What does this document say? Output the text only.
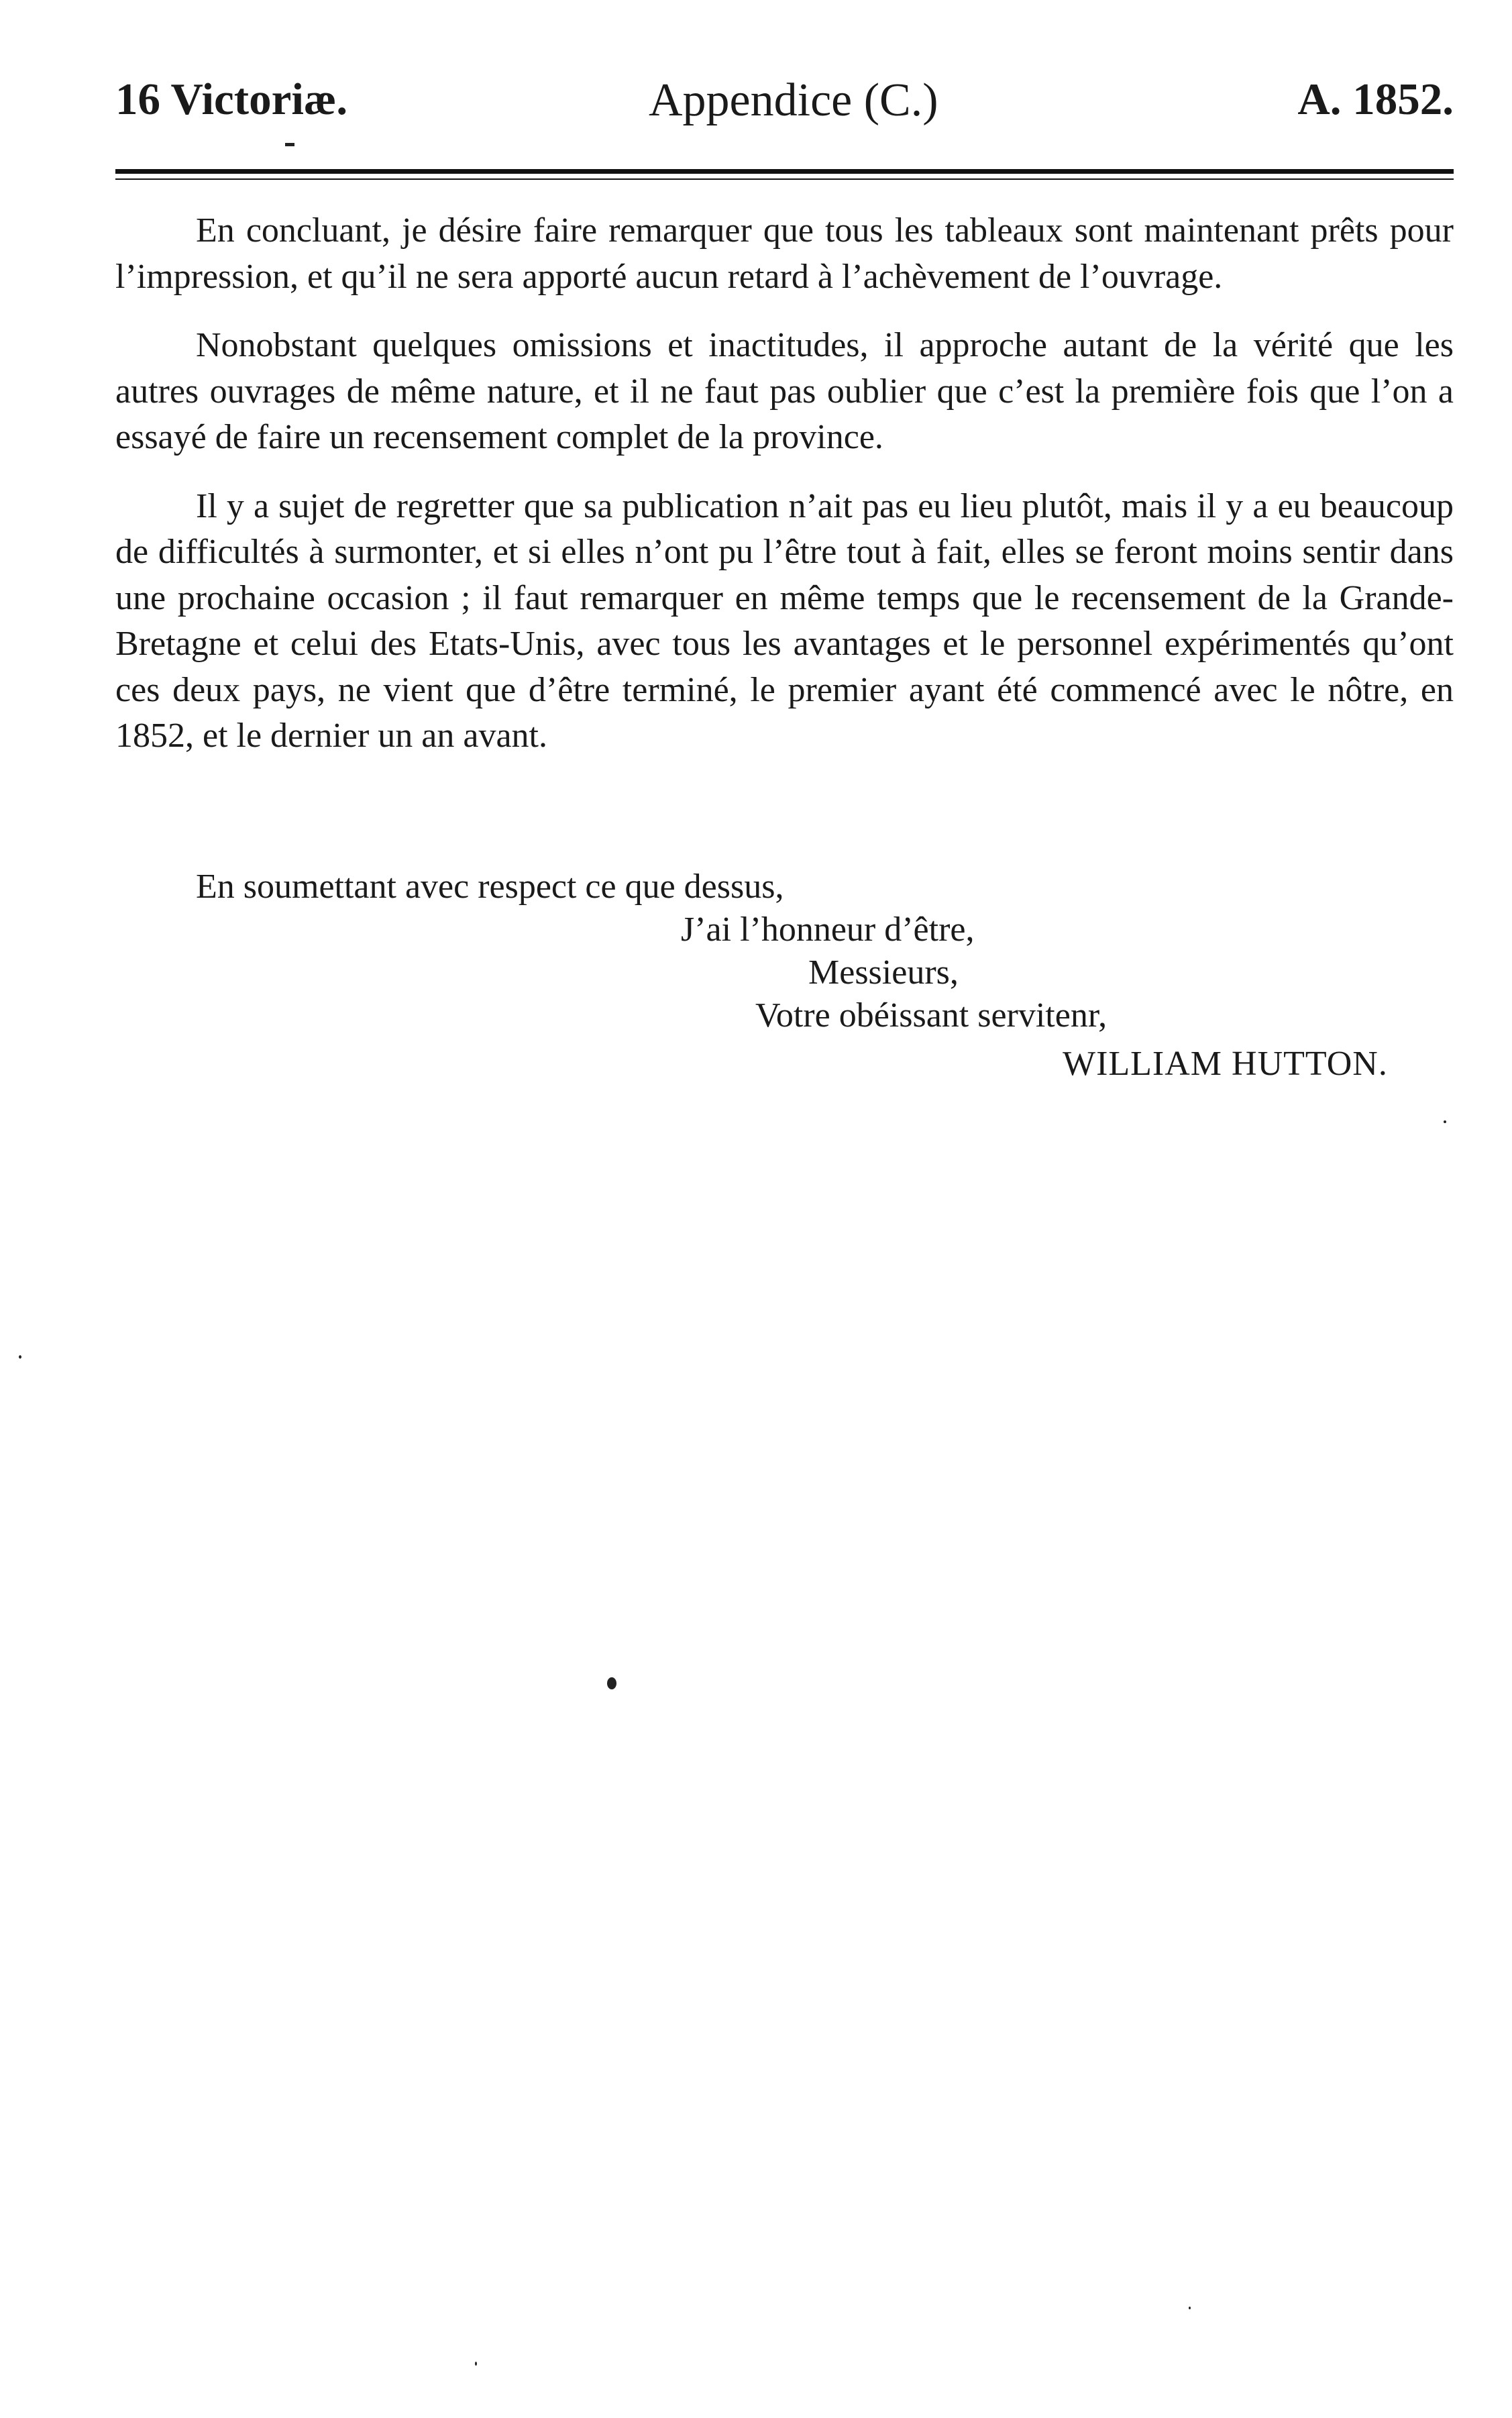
16 Victoriæ.	Appendice (C.)	A. 1852.

En concluant, je désire faire remarquer que tous les tableaux sont maintenant prêts pour l’impression, et qu’il ne sera apporté aucun retard à l’achèvement de l’ouvrage.

Nonobstant quelques omissions et inactitudes, il approche autant de la vérité que les autres ouvrages de même nature, et il ne faut pas oublier que c’est la première fois que l’on a essayé de faire un recensement complet de la province.

Il y a sujet de regretter que sa publication n’ait pas eu lieu plutôt, mais il y a eu beaucoup de difficultés à surmonter, et si elles n’ont pu l’être tout à fait, elles se feront moins sentir dans une prochaine occasion ; il faut remarquer en même temps que le recensement de la Grande-Bretagne et celui des Etats-Unis, avec tous les avantages et le personnel expérimentés qu’ont ces deux pays, ne vient que d’être terminé, le premier ayant été commencé avec le nôtre, en 1852, et le dernier un an avant.

En soumettant avec respect ce que dessus,
J’ai l’honneur d’être,
Messieurs,
Votre obéissant servitenr,
WILLIAM HUTTON.
